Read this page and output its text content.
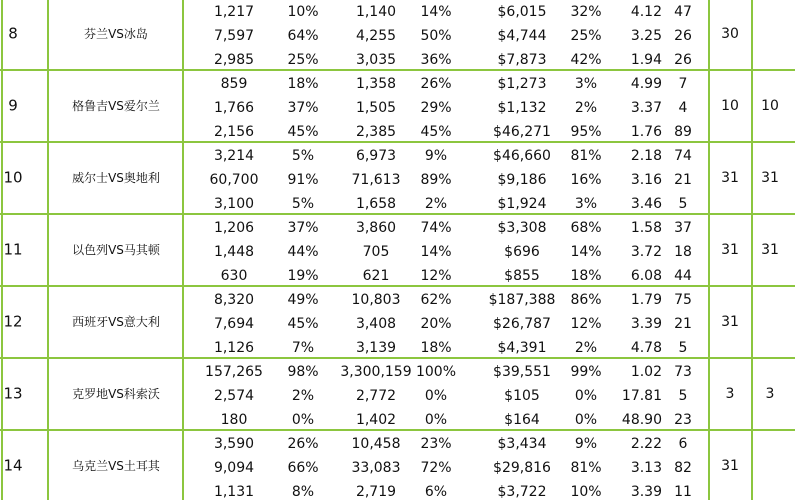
8	芬兰VS冰岛
1,217 10%	1,140 14%	$6,015 32% 4.12 47
7,597 64%	4,255 50%	$4,744 25% 3.25 26
2,985 25%	3,035 36%	$7,873 42% 1.94 26
30
9	格鲁吉VS爱尔兰
859	18%	1,358 26%	$1,273 3% 4.99 7
1,766 37%	1,505 29%	$1,132 2% 3.37 4
2,156 45%	2,385 45%	$46,271 95% 1.76 89
10 10
10	威尔士VS奥地利
3,214	5%	6,973 9%	$46,660 81% 2.18 74
60,700 91% 71,613 89%	$9,186 16% 3.16 21
3,100	5%	1,658 2%	$1,924 3% 3.46 5
31 31
11	以色列VS马其顿
1,206 37%	3,860 74%	$3,308 68% 1.58 37
1,448 44%	705 14%	$696 14% 3.72 18
630	19%	621 12%	$855 18% 6.08 44
31 31
12	西班牙VS意大利
8,320 49% 10,803 62%	$187,388 86% 1.79 75
7,694 45%	3,408 20%	$26,787 12% 3.39 21
1,126	7%	3,139 18%	$4,391 2% 4.78 5
31
13	克罗地VS科索沃
157,265 98% 3,300,159 100%	$39,551 99% 1.02 73
2,574	2%	2,772 0%	$105	0% 17.81 5
180	0%	1,402 0%	$164	0% 48.90 23
3 3
14	乌克兰VS土耳其
3,590 26% 10,458 23%	$3,434 9% 2.22 6
9,094 66% 33,083 72%	$29,816 81% 3.13 82
1,131	8%	2,719 6%	$3,722 10% 3.39 11
31
